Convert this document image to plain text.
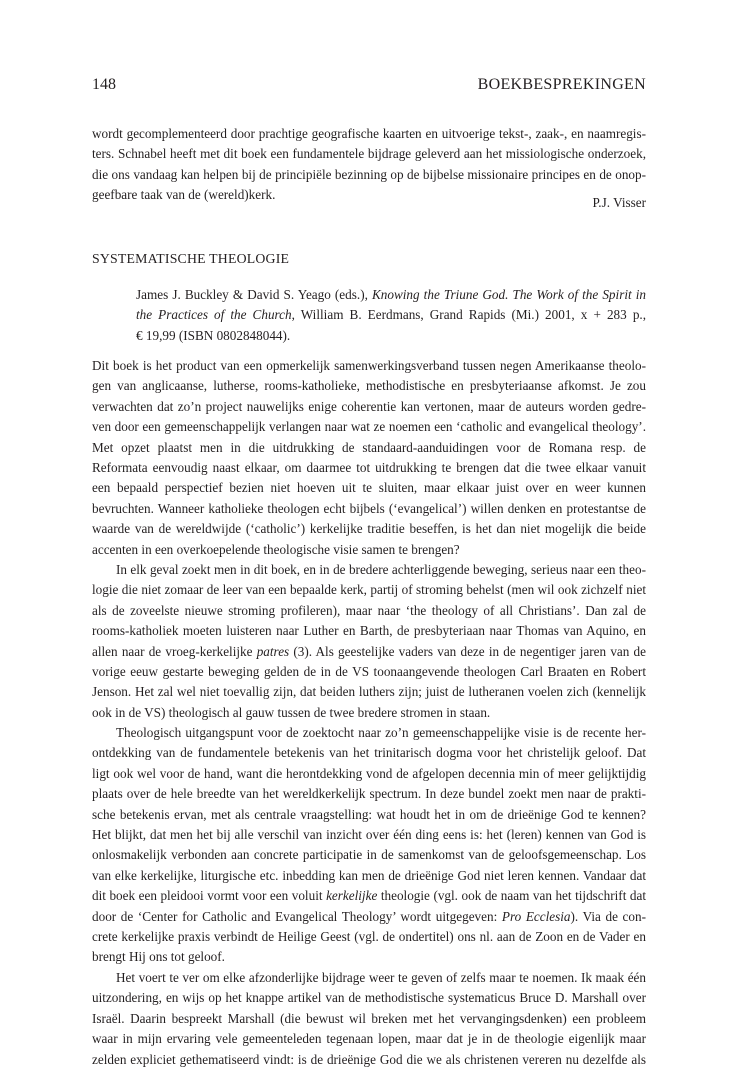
148	BOEKBESPREKINGEN
wordt gecomplementeerd door prachtige geografische kaarten en uitvoerige tekst-, zaak-, en naamregis-
ters. Schnabel heeft met dit boek een fundamentele bijdrage geleverd aan het missiologische onderzoek,
die ons vandaag kan helpen bij de principiële bezinning op de bijbelse missionaire principes en de onop-
geefbare taak van de (wereld)kerk.
P.J. Visser
SYSTEMATISCHE THEOLOGIE
James J. Buckley & David S. Yeago (eds.), Knowing the Triune God. The Work of the Spirit in
the Practices of the Church, William B. Eerdmans, Grand Rapids (Mi.) 2001, x + 283 p.,
€ 19,99 (ISBN 0802848044).
Dit boek is het product van een opmerkelijk samenwerkingsverband tussen negen Amerikaanse theolo-
gen van anglicaanse, lutherse, rooms-katholieke, methodistische en presbyteriaanse afkomst. Je zou
verwachten dat zo’n project nauwelijks enige coherentie kan vertonen, maar de auteurs worden gedre-
ven door een gemeenschappelijk verlangen naar wat ze noemen een ‘catholic and evangelical theology’.
Met opzet plaatst men in die uitdrukking de standaard-aanduidingen voor de Romana resp. de
Reformata eenvoudig naast elkaar, om daarmee tot uitdrukking te brengen dat die twee elkaar vanuit
een bepaald perspectief bezien niet hoeven uit te sluiten, maar elkaar juist over en weer kunnen
bevruchten. Wanneer katholieke theologen echt bijbels (‘evangelical’) willen denken en protestantse de
waarde van de wereldwijde (‘catholic’) kerkelijke traditie beseffen, is het dan niet mogelijk die beide
accenten in een overkoepelende theologische visie samen te brengen?
In elk geval zoekt men in dit boek, en in de bredere achterliggende beweging, serieus naar een theo-
logie die niet zomaar de leer van een bepaalde kerk, partij of stroming behelst (men wil ook zichzelf niet
als de zoveelste nieuwe stroming profileren), maar naar ‘the theology of all Christians’. Dan zal de
rooms-katholiek moeten luisteren naar Luther en Barth, de presbyteriaan naar Thomas van Aquino, en
allen naar de vroeg-kerkelijke patres (3). Als geestelijke vaders van deze in de negentiger jaren van de
vorige eeuw gestarte beweging gelden de in de VS toonaangevende theologen Carl Braaten en Robert
Jenson. Het zal wel niet toevallig zijn, dat beiden luthers zijn; juist de lutheranen voelen zich (kennelijk
ook in de VS) theologisch al gauw tussen de twee bredere stromen in staan.
Theologisch uitgangspunt voor de zoektocht naar zo’n gemeenschappelijke visie is de recente her-
ontdekking van de fundamentele betekenis van het trinitarisch dogma voor het christelijk geloof. Dat
ligt ook wel voor de hand, want die herontdekking vond de afgelopen decennia min of meer gelijktijdig
plaats over de hele breedte van het wereldkerkelijk spectrum. In deze bundel zoekt men naar de prakti-
sche betekenis ervan, met als centrale vraagstelling: wat houdt het in om de drieënige God te kennen?
Het blijkt, dat men het bij alle verschil van inzicht over één ding eens is: het (leren) kennen van God is
onlosmakelijk verbonden aan concrete participatie in de samenkomst van de geloofsgemeenschap. Los
van elke kerkelijke, liturgische etc. inbedding kan men de drieënige God niet leren kennen. Vandaar dat
dit boek een pleidooi vormt voor een voluit kerkelijke theologie (vgl. ook de naam van het tijdschrift dat
door de ‘Center for Catholic and Evangelical Theology’ wordt uitgegeven: Pro Ecclesia). Via de con-
crete kerkelijke praxis verbindt de Heilige Geest (vgl. de ondertitel) ons nl. aan de Zoon en de Vader en
brengt Hij ons tot geloof.
Het voert te ver om elke afzonderlijke bijdrage weer te geven of zelfs maar te noemen. Ik maak één
uitzondering, en wijs op het knappe artikel van de methodistische systematicus Bruce D. Marshall over
Israël. Daarin bespreekt Marshall (die bewust wil breken met het vervangingsdenken) een probleem
waar in mijn ervaring vele gemeenteleden tegenaan lopen, maar dat je in de theologie eigenlijk maar
zelden expliciet gethematiseerd vindt: is de drieënige God die we als christenen vereren nu dezelfde als
